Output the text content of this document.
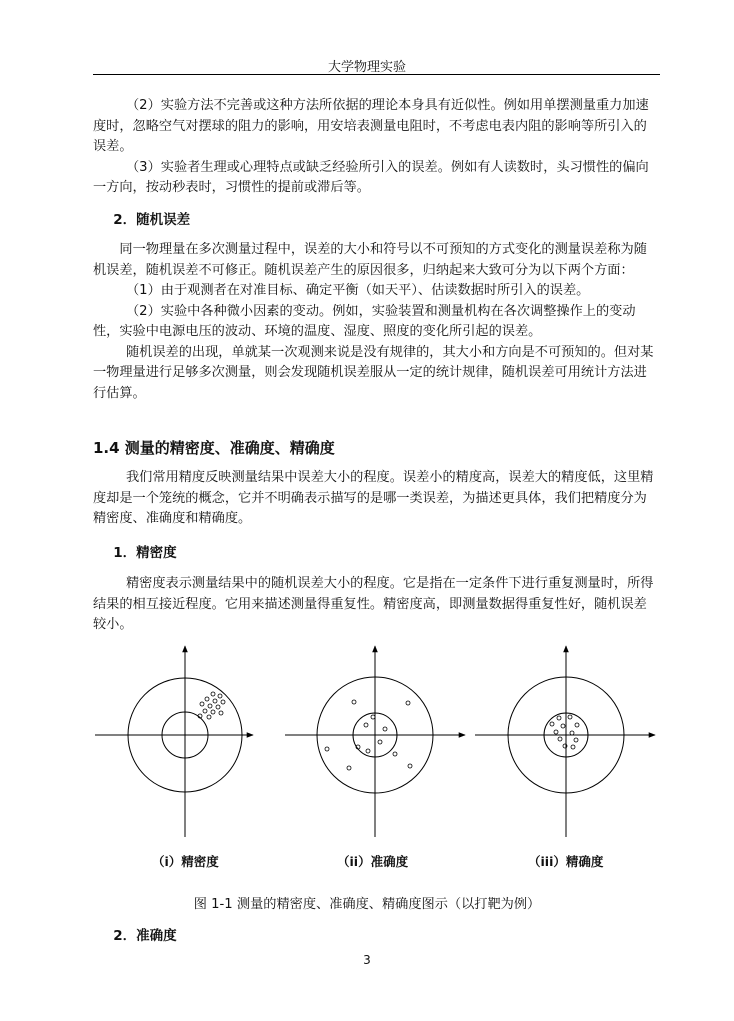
大学物理实验

（2）实验方法不完善或这种方法所依据的理论本身具有近似性。例如用单摆测量重力加速度时，忽略空气对摆球的阻力的影响，用安培表测量电阻时，不考虑电表内阻的影响等所引入的误差。

（3）实验者生理或心理特点或缺乏经验所引入的误差。例如有人读数时，头习惯性的偏向一方向，按动秒表时，习惯性的提前或滞后等。

2．随机误差

同一物理量在多次测量过程中，误差的大小和符号以不可预知的方式变化的测量误差称为随机误差，随机误差不可修正。随机误差产生的原因很多，归纳起来大致可分为以下两个方面：

（1）由于观测者在对准目标、确定平衡（如天平）、估读数据时所引入的误差。

（2）实验中各种微小因素的变动。例如，实验装置和测量机构在各次调整操作上的变动性，实验中电源电压的波动、环境的温度、湿度、照度的变化所引起的误差。

随机误差的出现，单就某一次观测来说是没有规律的，其大小和方向是不可预知的。但对某一物理量进行足够多次测量，则会发现随机误差服从一定的统计规律，随机误差可用统计方法进行估算。

1.4 测量的精密度、准确度、精确度

我们常用精度反映测量结果中误差大小的程度。误差小的精度高，误差大的精度低，这里精度却是一个笼统的概念，它并不明确表示描写的是哪一类误差，为描述更具体，我们把精度分为精密度、准确度和精确度。

1．精密度

精密度表示测量结果中的随机误差大小的程度。它是指在一定条件下进行重复测量时，所得结果的相互接近程度。它用来描述测量得重复性。精密度高，即测量数据得重复性好，随机误差较小。

（i）精密度	（ii）准确度	（iii）精确度
图 1-1 测量的精密度、准确度、精确度图示（以打靶为例）

2．准确度

3
